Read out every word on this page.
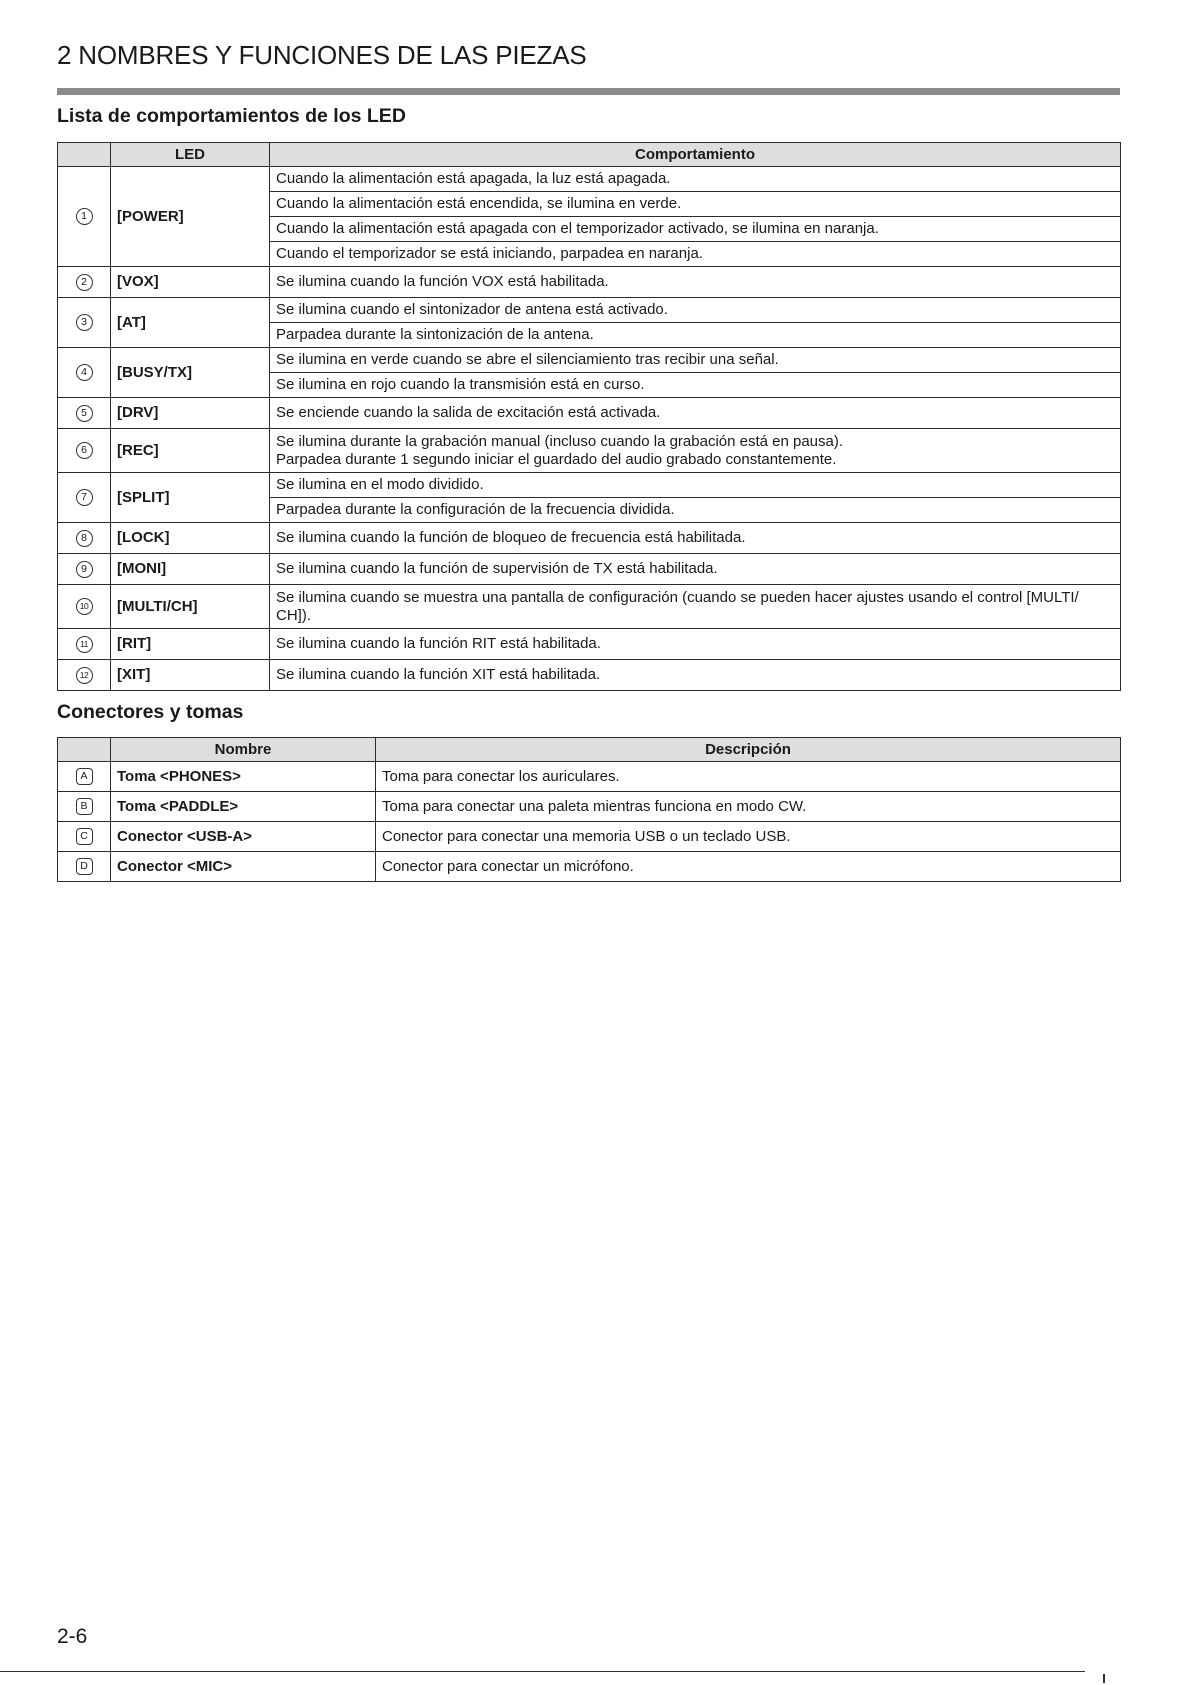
2 NOMBRES Y FUNCIONES DE LAS PIEZAS
Lista de comportamientos de los LED
	LED	Comportamiento
1	[POWER]	Cuando la alimentación está apagada, la luz está apagada.
		Cuando la alimentación está encendida, se ilumina en verde.
		Cuando la alimentación está apagada con el temporizador activado, se ilumina en naranja.
		Cuando el temporizador se está iniciando, parpadea en naranja.
2	[VOX]	Se ilumina cuando la función VOX está habilitada.
3	[AT]	Se ilumina cuando el sintonizador de antena está activado.
		Parpadea durante la sintonización de la antena.
4	[BUSY/TX]	Se ilumina en verde cuando se abre el silenciamiento tras recibir una señal.
		Se ilumina en rojo cuando la transmisión está en curso.
5	[DRV]	Se enciende cuando la salida de excitación está activada.
6	[REC]	Se ilumina durante la grabación manual (incluso cuando la grabación está en pausa).
Parpadea durante 1 segundo iniciar el guardado del audio grabado constantemente.
7	[SPLIT]	Se ilumina en el modo dividido.
		Parpadea durante la configuración de la frecuencia dividida.
8	[LOCK]	Se ilumina cuando la función de bloqueo de frecuencia está habilitada.
9	[MONI]	Se ilumina cuando la función de supervisión de TX está habilitada.
10	[MULTI/CH]	Se ilumina cuando se muestra una pantalla de configuración (cuando se pueden hacer ajustes usando el control [MULTI/ CH]).
11	[RIT]	Se ilumina cuando la función RIT está habilitada.
12	[XIT]	Se ilumina cuando la función XIT está habilitada.
Conectores y tomas
	Nombre	Descripción
A	Toma <PHONES>	Toma para conectar los auriculares.
B	Toma <PADDLE>	Toma para conectar una paleta mientras funciona en modo CW.
C	Conector <USB-A>	Conector para conectar una memoria USB o un teclado USB.
D	Conector <MIC>	Conector para conectar un micrófono.
2-6
